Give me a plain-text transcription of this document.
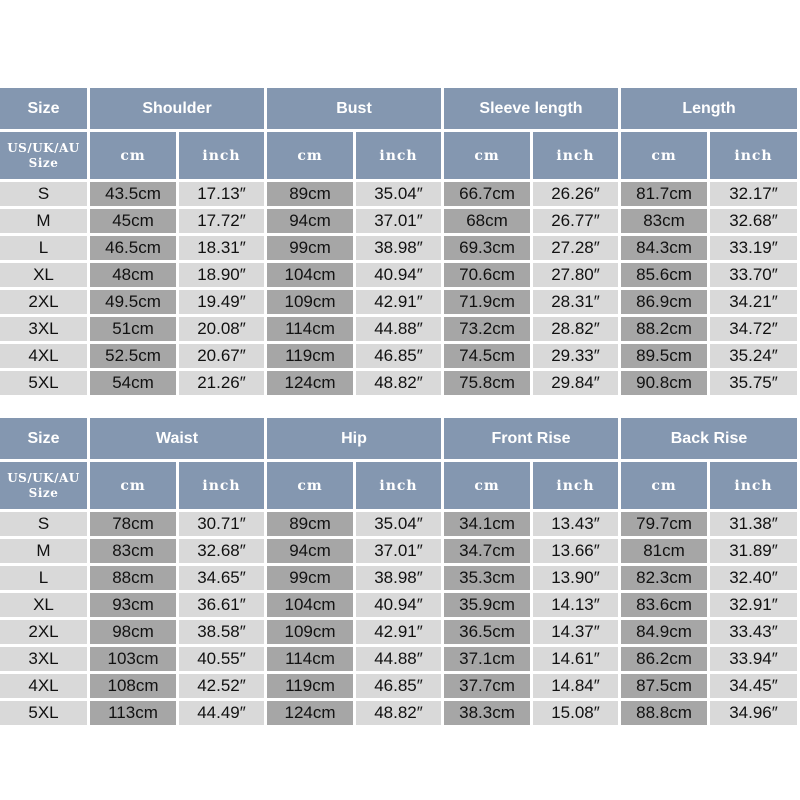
Size	Shoulder	Bust	Sleeve length	Length
US/UK/AU
Size	cm	inch	cm	inch	cm	inch	cm	inch
S	43.5cm	17.13″	89cm	35.04″	66.7cm	26.26″	81.7cm	32.17″
M	45cm	17.72″	94cm	37.01″	68cm	26.77″	83cm	32.68″
L	46.5cm	18.31″	99cm	38.98″	69.3cm	27.28″	84.3cm	33.19″
XL	48cm	18.90″	104cm	40.94″	70.6cm	27.80″	85.6cm	33.70″
2XL	49.5cm	19.49″	109cm	42.91″	71.9cm	28.31″	86.9cm	34.21″
3XL	51cm	20.08″	114cm	44.88″	73.2cm	28.82″	88.2cm	34.72″
4XL	52.5cm	20.67″	119cm	46.85″	74.5cm	29.33″	89.5cm	35.24″
5XL	54cm	21.26″	124cm	48.82″	75.8cm	29.84″	90.8cm	35.75″
Size	Waist	Hip	Front Rise	Back Rise
US/UK/AU
Size	cm	inch	cm	inch	cm	inch	cm	inch
S	78cm	30.71″	89cm	35.04″	34.1cm	13.43″	79.7cm	31.38″
M	83cm	32.68″	94cm	37.01″	34.7cm	13.66″	81cm	31.89″
L	88cm	34.65″	99cm	38.98″	35.3cm	13.90″	82.3cm	32.40″
XL	93cm	36.61″	104cm	40.94″	35.9cm	14.13″	83.6cm	32.91″
2XL	98cm	38.58″	109cm	42.91″	36.5cm	14.37″	84.9cm	33.43″
3XL	103cm	40.55″	114cm	44.88″	37.1cm	14.61″	86.2cm	33.94″
4XL	108cm	42.52″	119cm	46.85″	37.7cm	14.84″	87.5cm	34.45″
5XL	113cm	44.49″	124cm	48.82″	38.3cm	15.08″	88.8cm	34.96″
